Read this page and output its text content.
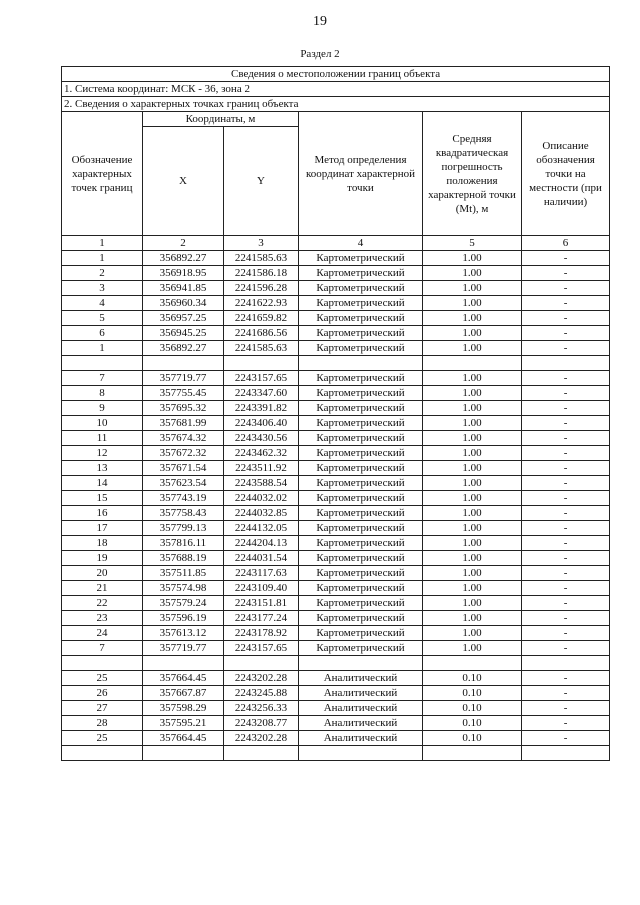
19
Раздел 2
Сведения о местоположении границ объекта					
1. Система координат: МСК - 36, зона 2					
2. Сведения о характерных точках границ объекта					
Обозначение характерных точек границ	Координаты, м		Метод определения координат характерной точки	Средняя квадратическая погрешность положения характерной точки (Mt), м	Описание обозначения точки на местности (при наличии)
	X	Y			
1	2	3	4	5	6
1	356892.27	2241585.63	Картометрический	1.00	-
2	356918.95	2241586.18	Картометрический	1.00	-
3	356941.85	2241596.28	Картометрический	1.00	-
4	356960.34	2241622.93	Картометрический	1.00	-
5	356957.25	2241659.82	Картометрический	1.00	-
6	356945.25	2241686.56	Картометрический	1.00	-
1	356892.27	2241585.63	Картометрический	1.00	-

7	357719.77	2243157.65	Картометрический	1.00	-
8	357755.45	2243347.60	Картометрический	1.00	-
9	357695.32	2243391.82	Картометрический	1.00	-
10	357681.99	2243406.40	Картометрический	1.00	-
11	357674.32	2243430.56	Картометрический	1.00	-
12	357672.32	2243462.32	Картометрический	1.00	-
13	357671.54	2243511.92	Картометрический	1.00	-
14	357623.54	2243588.54	Картометрический	1.00	-
15	357743.19	2244032.02	Картометрический	1.00	-
16	357758.43	2244032.85	Картометрический	1.00	-
17	357799.13	2244132.05	Картометрический	1.00	-
18	357816.11	2244204.13	Картометрический	1.00	-
19	357688.19	2244031.54	Картометрический	1.00	-
20	357511.85	2243117.63	Картометрический	1.00	-
21	357574.98	2243109.40	Картометрический	1.00	-
22	357579.24	2243151.81	Картометрический	1.00	-
23	357596.19	2243177.24	Картометрический	1.00	-
24	357613.12	2243178.92	Картометрический	1.00	-
7	357719.77	2243157.65	Картометрический	1.00	-

25	357664.45	2243202.28	Аналитический	0.10	-
26	357667.87	2243245.88	Аналитический	0.10	-
27	357598.29	2243256.33	Аналитический	0.10	-
28	357595.21	2243208.77	Аналитический	0.10	-
25	357664.45	2243202.28	Аналитический	0.10	-
